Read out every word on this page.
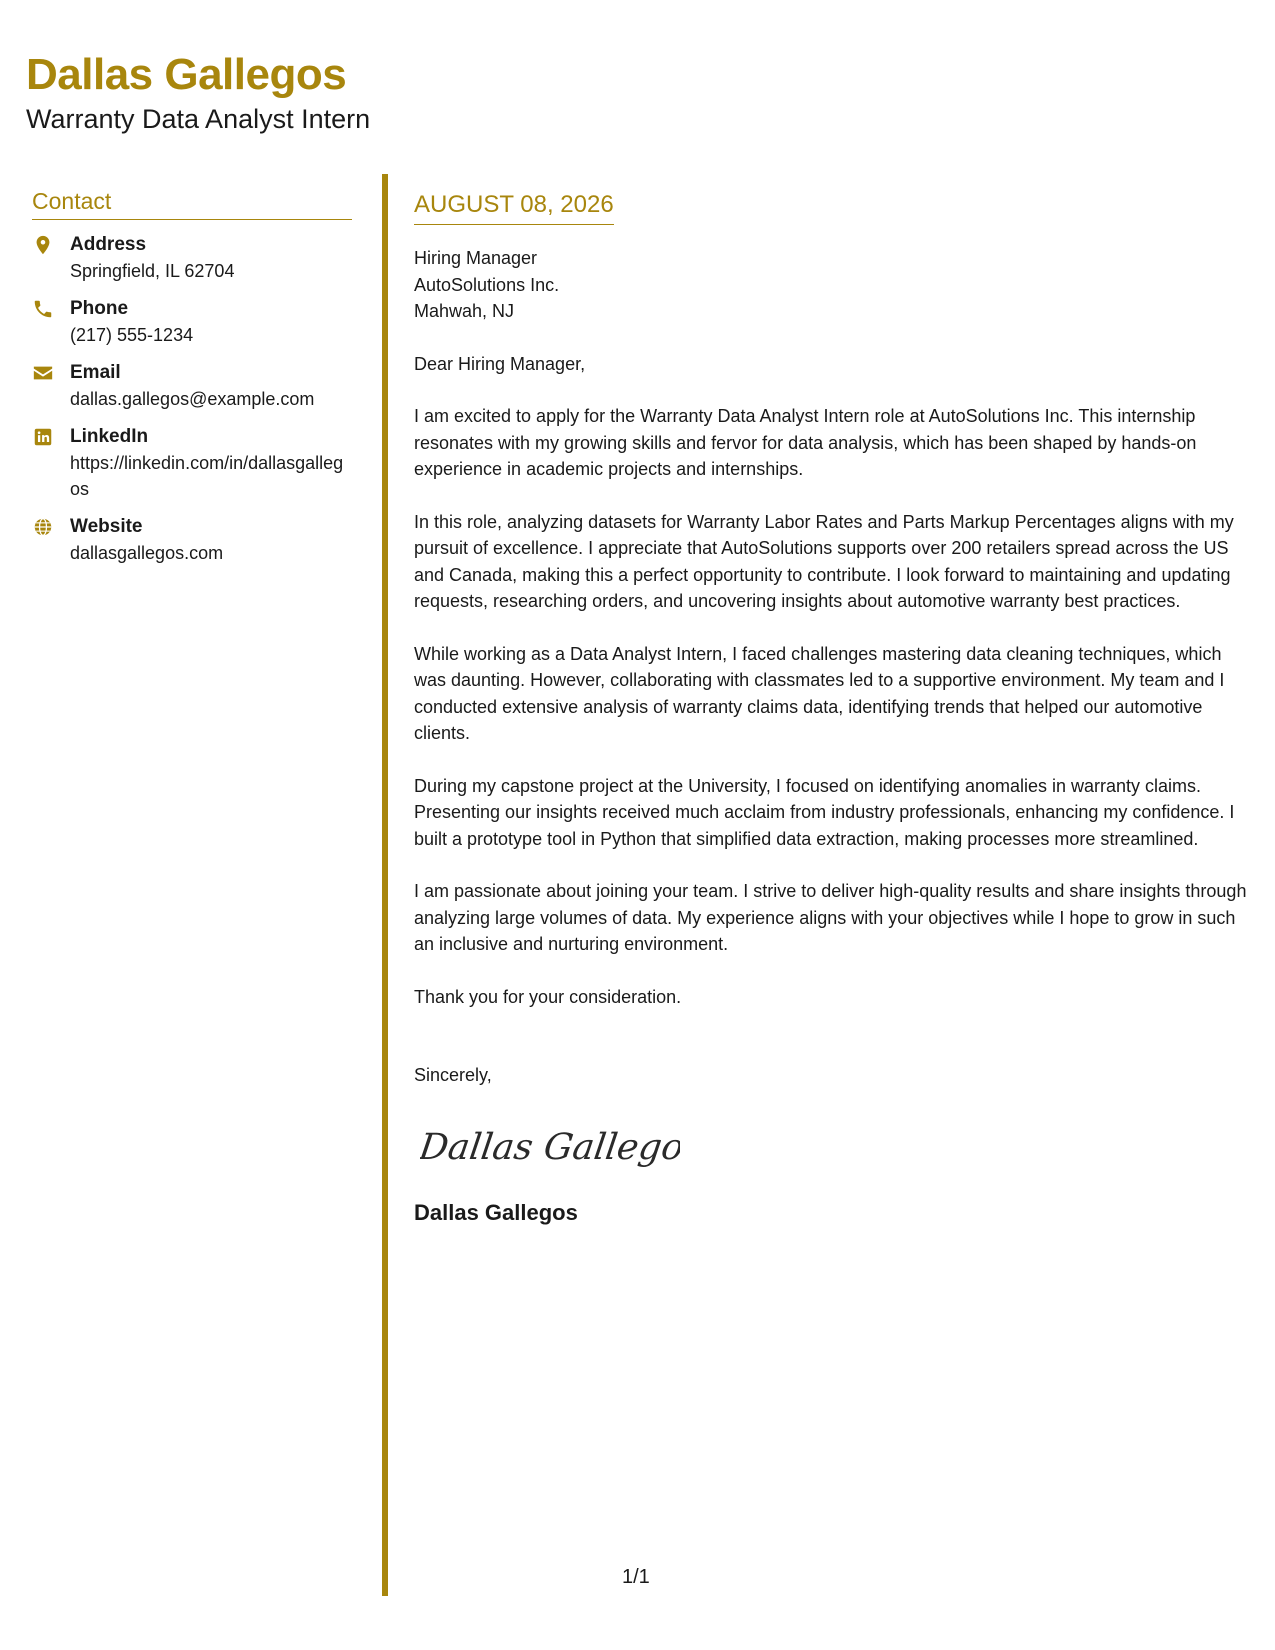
Dallas Gallegos
Warranty Data Analyst Intern
Contact
Address
Springfield, IL 62704
Phone
(217) 555-1234
Email
dallas.gallegos@example.com
LinkedIn
https://linkedin.com/in/dallasgallegos
Website
dallasgallegos.com
AUGUST 08, 2026
Hiring Manager
AutoSolutions Inc.
Mahwah, NJ
Dear Hiring Manager,
I am excited to apply for the Warranty Data Analyst Intern role at AutoSolutions Inc. This internship resonates with my growing skills and fervor for data analysis, which has been shaped by hands-on experience in academic projects and internships.
In this role, analyzing datasets for Warranty Labor Rates and Parts Markup Percentages aligns with my pursuit of excellence. I appreciate that AutoSolutions supports over 200 retailers spread across the US and Canada, making this a perfect opportunity to contribute. I look forward to maintaining and updating requests, researching orders, and uncovering insights about automotive warranty best practices.
While working as a Data Analyst Intern, I faced challenges mastering data cleaning techniques, which was daunting. However, collaborating with classmates led to a supportive environment. My team and I conducted extensive analysis of warranty claims data, identifying trends that helped our automotive clients.
During my capstone project at the University, I focused on identifying anomalies in warranty claims. Presenting our insights received much acclaim from industry professionals, enhancing my confidence. I built a prototype tool in Python that simplified data extraction, making processes more streamlined.
I am passionate about joining your team. I strive to deliver high-quality results and share insights through analyzing large volumes of data. My experience aligns with your objectives while I hope to grow in such an inclusive and nurturing environment.
Thank you for your consideration.
Sincerely,
Dallas Gallegos
Dallas Gallegos
1/1
